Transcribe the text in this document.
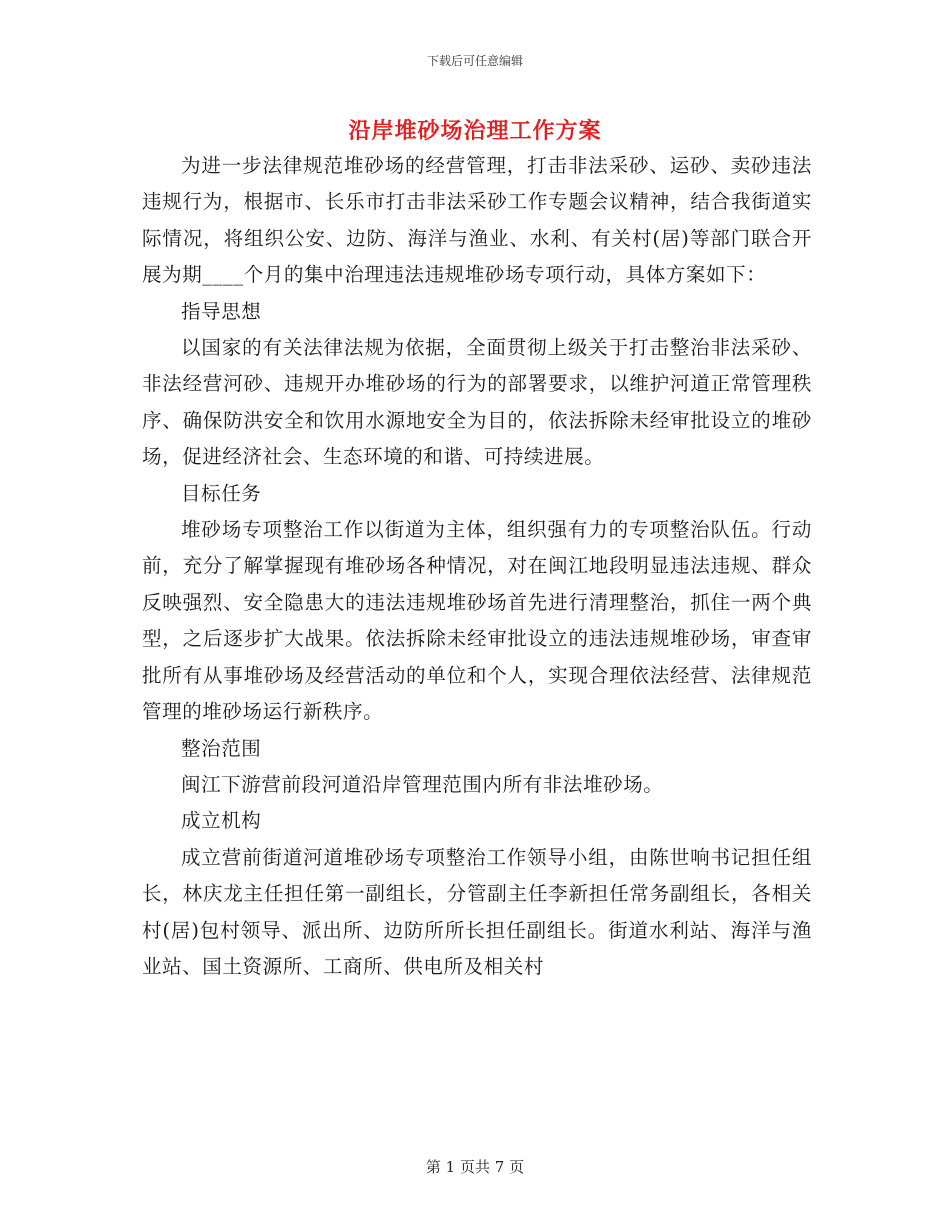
下载后可任意编辑
沿岸堆砂场治理工作方案

为进一步法律规范堆砂场的经营管理，打击非法采砂、运砂、卖砂违法违规行为，根据市、长乐市打击非法采砂工作专题会议精神，结合我街道实际情况，将组织公安、边防、海洋与渔业、水利、有关村(居)等部门联合开展为期____个月的集中治理违法违规堆砂场专项行动，具体方案如下：

指导思想

以国家的有关法律法规为依据，全面贯彻上级关于打击整治非法采砂、非法经营河砂、违规开办堆砂场的行为的部署要求，以维护河道正常管理秩序、确保防洪安全和饮用水源地安全为目的，依法拆除未经审批设立的堆砂场，促进经济社会、生态环境的和谐、可持续进展。

目标任务

堆砂场专项整治工作以街道为主体，组织强有力的专项整治队伍。行动前，充分了解掌握现有堆砂场各种情况，对在闽江地段明显违法违规、群众反映强烈、安全隐患大的违法违规堆砂场首先进行清理整治，抓住一两个典型，之后逐步扩大战果。依法拆除未经审批设立的违法违规堆砂场，审查审批所有从事堆砂场及经营活动的单位和个人，实现合理依法经营、法律规范管理的堆砂场运行新秩序。

整治范围

闽江下游营前段河道沿岸管理范围内所有非法堆砂场。

成立机构

成立营前街道河道堆砂场专项整治工作领导小组，由陈世响书记担任组长，林庆龙主任担任第一副组长，分管副主任李新担任常务副组长，各相关村(居)包村领导、派出所、边防所所长担任副组长。街道水利站、海洋与渔业站、国土资源所、工商所、供电所及相关村

第 1 页共 7 页
